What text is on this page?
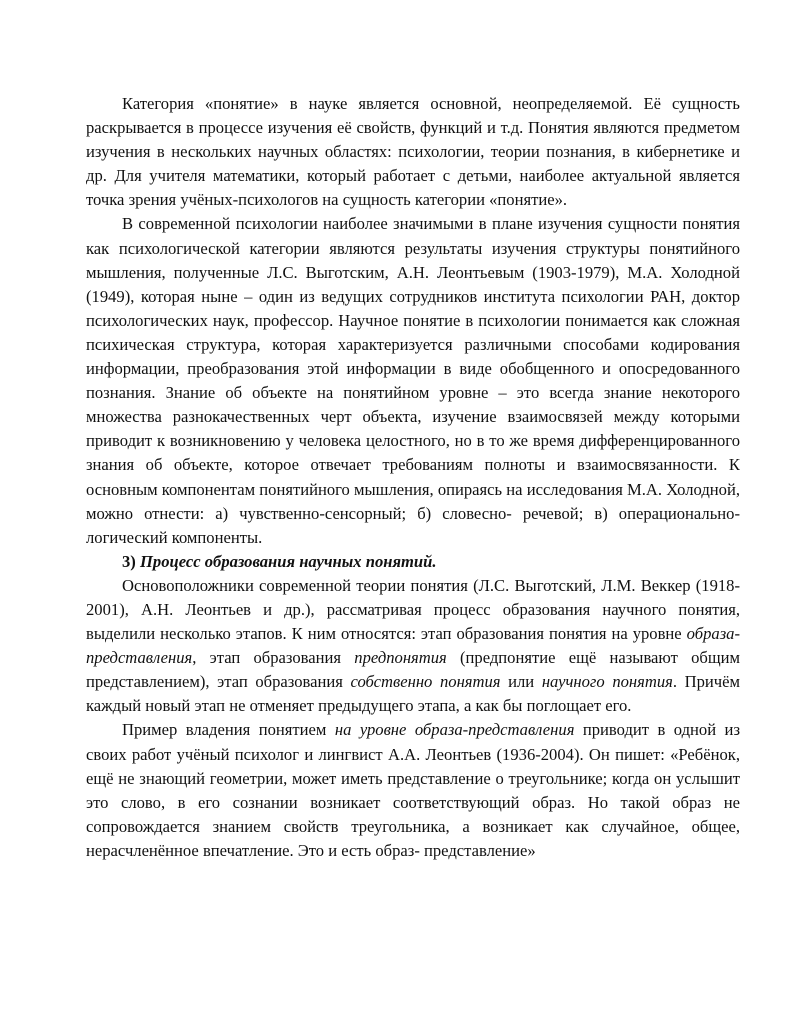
Категория «понятие» в науке является основной, неопределяемой. Её сущность раскрывается в процессе изучения её свойств, функций и т.д. Понятия являются предметом изучения в нескольких научных областях: психологии, теории познания, в кибернетике и др. Для учителя математики, который работает с детьми, наиболее актуальной является точка зрения учёных-психологов на сущность категории «понятие».

В современной психологии наиболее значимыми в плане изучения сущности понятия как психологической категории являются результаты изучения структуры понятийного мышления, полученные Л.С. Выготским, А.Н. Леонтьевым (1903-1979), М.А. Холодной (1949), которая ныне – один из ведущих сотрудников института психологии РАН, доктор психологических наук, профессор. Научное понятие в психологии понимается как сложная психическая структура, которая характеризуется различными способами кодирования информации, преобразования этой информации в виде обобщенного и опосредованного познания. Знание об объекте на понятийном уровне – это всегда знание некоторого множества разнокачественных черт объекта, изучение взаимосвязей между которыми приводит к возникновению у человека целостного, но в то же время дифференцированного знания об объекте, которое отвечает требованиям полноты и взаимосвязанности. К основным компонентам понятийного мышления, опираясь на исследования М.А. Холодной, можно отнести: а) чувственно-сенсорный; б) словесно- речевой; в) операционально-логический компоненты.

3) Процесс образования научных понятий.

Основоположники современной теории понятия (Л.С. Выготский, Л.М. Веккер (1918-2001), А.Н. Леонтьев и др.), рассматривая процесс образования научного понятия, выделили несколько этапов. К ним относятся: этап образования понятия на уровне образа-представления, этап образования предпонятия (предпонятие ещё называют общим представлением), этап образования собственно понятия или научного понятия. Причём каждый новый этап не отменяет предыдущего этапа, а как бы поглощает его.

Пример владения понятием на уровне образа-представления приводит в одной из своих работ учёный психолог и лингвист А.А. Леонтьев (1936-2004). Он пишет: «Ребёнок, ещё не знающий геометрии, может иметь представление о треугольнике; когда он услышит это слово, в его сознании возникает соответствующий образ. Но такой образ не сопровождается знанием свойств треугольника, а возникает как случайное, общее, нерасчленённое впечатление. Это и есть образ- представление»
